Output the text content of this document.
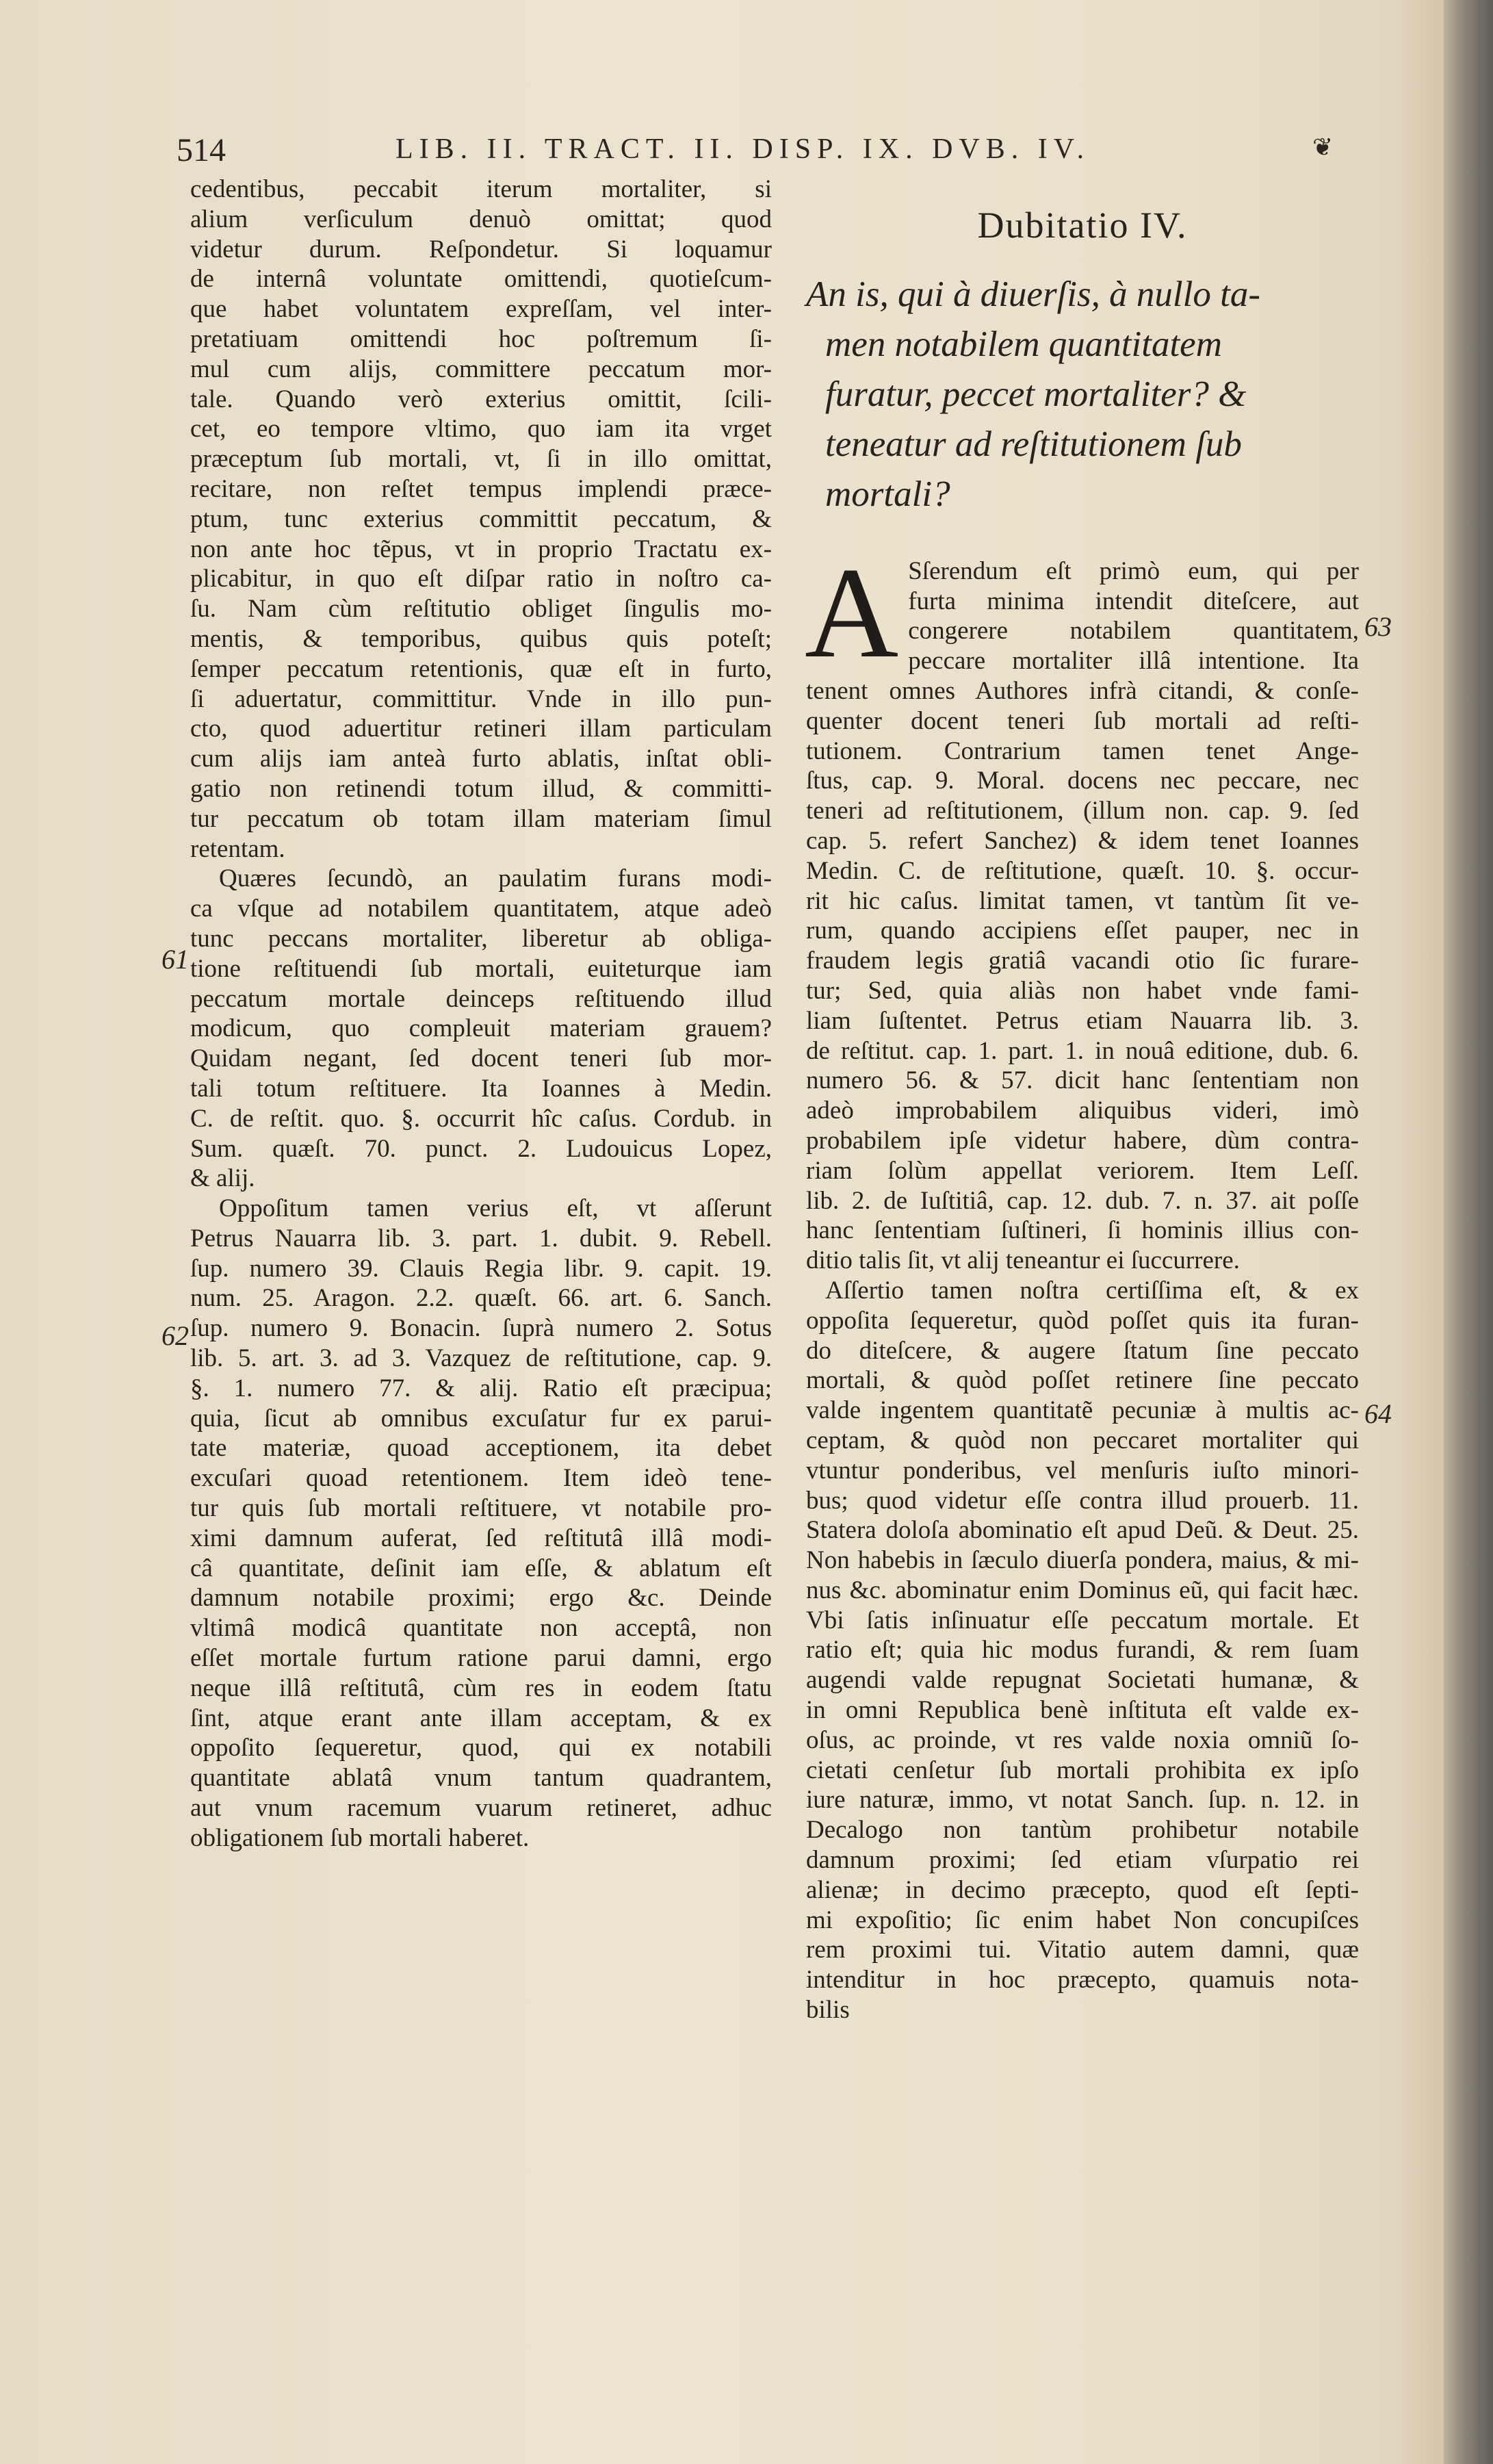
514	LIB. II. TRACT. II. DISP. IX. DVB. IV.	❦
cedentibus, peccabit iterum mortaliter, si
alium verſiculum denuò omittat; quod
videtur durum. Reſpondetur. Si loquamur
de internâ voluntate omittendi, quotieſcum-
que habet voluntatem expreſſam, vel inter-
pretatiuam omittendi hoc poſtremum ſi-
mul cum alijs, committere peccatum mor-
tale. Quando verò exterius omittit, ſcili-
cet, eo tempore vltimo, quo iam ita vrget
præceptum ſub mortali, vt, ſi in illo omittat,
recitare, non reſtet tempus implendi præce-
ptum, tunc exterius committit peccatum, &
non ante hoc tẽpus, vt in proprio Tractatu ex-
plicabitur, in quo eſt diſpar ratio in noſtro ca-
ſu. Nam cùm reſtitutio obliget ſingulis mo-
mentis, & temporibus, quibus quis poteſt;
ſemper peccatum retentionis, quæ eſt in furto,
ſi aduertatur, committitur. Vnde in illo pun-
cto, quod aduertitur retineri illam particulam
cum alijs iam anteà furto ablatis, inſtat obli-
gatio non retinendi totum illud, & committi-
tur peccatum ob totam illam materiam ſimul
retentam.
Quæres ſecundò, an paulatim furans modi-
ca vſque ad notabilem quantitatem, atque adeò
tunc peccans mortaliter, liberetur ab obliga-
tione reſtituendi ſub mortali, euiteturque iam
peccatum mortale deinceps reſtituendo illud
modicum, quo compleuit materiam grauem?
Quidam negant, ſed docent teneri ſub mor-
tali totum reſtituere. Ita Ioannes à Medin.
C. de reſtit. quo. §. occurrit hîc caſus. Cordub. in
Sum. quæſt. 70. punct. 2. Ludouicus Lopez,
& alij.
Oppoſitum tamen verius eſt, vt aſſerunt
Petrus Nauarra lib. 3. part. 1. dubit. 9. Rebell.
ſup. numero 39. Clauis Regia libr. 9. capit. 19.
num. 25. Aragon. 2.2. quæſt. 66. art. 6. Sanch.
ſup. numero 9. Bonacin. ſuprà numero 2. Sotus
lib. 5. art. 3. ad 3. Vazquez de reſtitutione, cap. 9.
§. 1. numero 77. & alij. Ratio eſt præcipua;
quia, ſicut ab omnibus excuſatur fur ex parui-
tate materiæ, quoad acceptionem, ita debet
excuſari quoad retentionem. Item ideò tene-
tur quis ſub mortali reſtituere, vt notabile pro-
ximi damnum auferat, ſed reſtitutâ illâ modi-
câ quantitate, deſinit iam eſſe, & ablatum eſt
damnum notabile proximi; ergo &c. Deinde
vltimâ modicâ quantitate non acceptâ, non
eſſet mortale furtum ratione parui damni, ergo
neque illâ reſtitutâ, cùm res in eodem ſtatu
ſint, atque erant ante illam acceptam, & ex
oppoſito ſequeretur, quod, qui ex notabili
quantitate ablatâ vnum tantum quadrantem,
aut vnum racemum vuarum retineret, adhuc
obligationem ſub mortali haberet.
Dubitatio IV.
An is, qui à diuerſis, à nullo ta-
men notabilem quantitatem
furatur, peccet mortaliter? &
teneatur ad reſtitutionem ſub
mortali?
A Sſerendum eſt primò eum, qui per
furta minima intendit diteſcere, aut
congerere notabilem quantitatem,
peccare mortaliter illâ intentione. Ita
tenent omnes Authores infrà citandi, & conſe-
quenter docent teneri ſub mortali ad reſti-
tutionem. Contrarium tamen tenet Ange-
ſtus, cap. 9. Moral. docens nec peccare, nec
teneri ad reſtitutionem, (illum non. cap. 9. ſed
cap. 5. refert Sanchez) & idem tenet Ioannes
Medin. C. de reſtitutione, quæſt. 10. §. occur-
rit hic caſus. limitat tamen, vt tantùm ſit ve-
rum, quando accipiens eſſet pauper, nec in
fraudem legis gratiâ vacandi otio ſic furare-
tur; Sed, quia aliàs non habet vnde fami-
liam ſuſtentet. Petrus etiam Nauarra lib. 3.
de reſtitut. cap. 1. part. 1. in nouâ editione, dub. 6.
numero 56. & 57. dicit hanc ſententiam non
adeò improbabilem aliquibus videri, imò
probabilem ipſe videtur habere, dùm contra-
riam ſolùm appellat veriorem. Item Leſſ.
lib. 2. de Iuſtitiâ, cap. 12. dub. 7. n. 37. ait poſſe
hanc ſententiam ſuſtineri, ſi hominis illius con-
ditio talis ſit, vt alij teneantur ei ſuccurrere.
Aſſertio tamen noſtra certiſſima eſt, & ex
oppoſita ſequeretur, quòd poſſet quis ita furan-
do diteſcere, & augere ſtatum ſine peccato
mortali, & quòd poſſet retinere ſine peccato
valde ingentem quantitatẽ pecuniæ à multis ac-
ceptam, & quòd non peccaret mortaliter qui
vtuntur ponderibus, vel menſuris iuſto minori-
bus; quod videtur eſſe contra illud prouerb. 11.
Statera doloſa abominatio eſt apud Deũ. & Deut. 25.
Non habebis in ſæculo diuerſa pondera, maius, & mi-
nus &c. abominatur enim Dominus eũ, qui facit hæc.
Vbi ſatis inſinuatur eſſe peccatum mortale. Et
ratio eſt; quia hic modus furandi, & rem ſuam
augendi valde repugnat Societati humanæ, &
in omni Republica benè inſtituta eſt valde ex-
oſus, ac proinde, vt res valde noxia omniũ ſo-
cietati cenſetur ſub mortali prohibita ex ipſo
iure naturæ, immo, vt notat Sanch. ſup. n. 12. in
Decalogo non tantùm prohibetur notabile
damnum proximi; ſed etiam vſurpatio rei
alienæ; in decimo præcepto, quod eſt ſepti-
mi expoſitio; ſic enim habet Non concupiſces
rem proximi tui. Vitatio autem damni, quæ
intenditur in hoc præcepto, quamuis nota-
bilis
61
62
63
64
